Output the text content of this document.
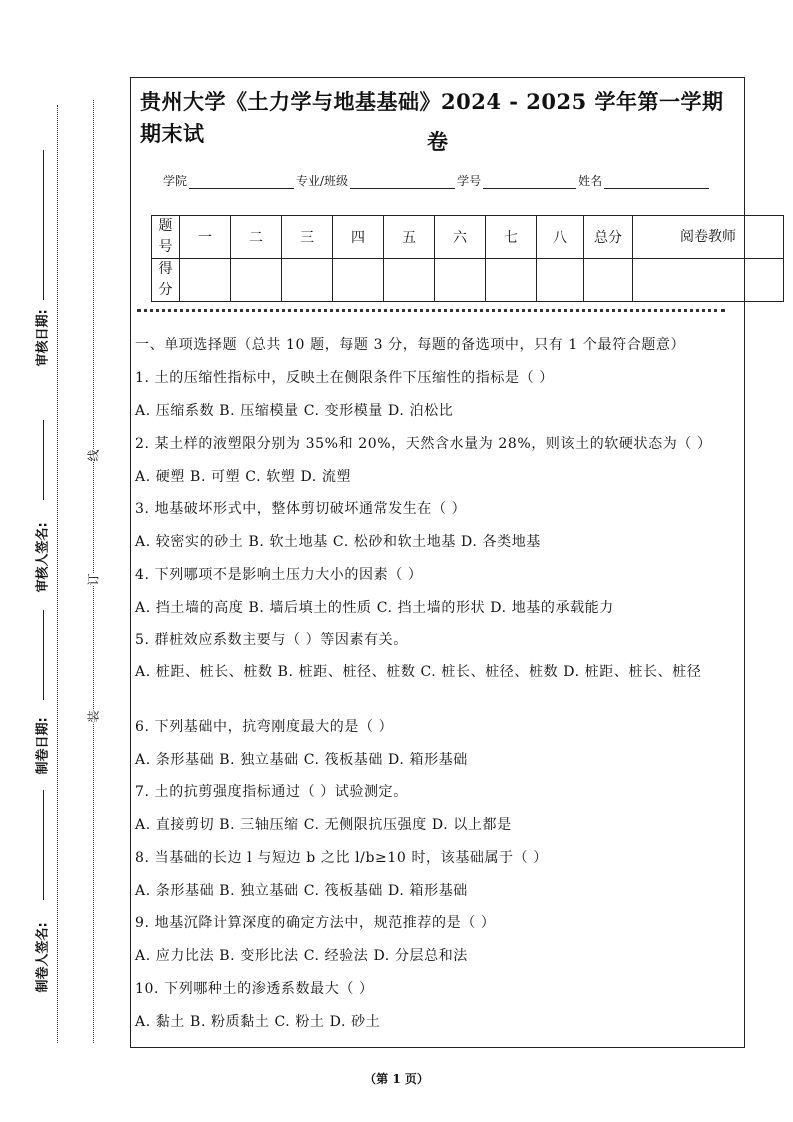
审核日期:
审核人签名:
制卷日期:
制卷人签名:
线
订
装
贵州大学《土力学与地基基础》2024 - 2025 学年第一学期期末试	卷
学院	专业/班级	学号	姓名
题号	一	二	三	四	五	六	七	八	总分	阅卷教师
得分										
一、单项选择题（总共 10 题，每题 3 分，每题的备选项中，只有 1 个最符合题意）
1. 土的压缩性指标中，反映土在侧限条件下压缩性的指标是（ ）
A. 压缩系数 B. 压缩模量 C. 变形模量 D. 泊松比
2. 某土样的液塑限分别为 35%和 20%，天然含水量为 28%，则该土的软硬状态为（ ）
A. 硬塑 B. 可塑 C. 软塑 D. 流塑
3. 地基破坏形式中，整体剪切破坏通常发生在（ ）
A. 较密实的砂土 B. 软土地基 C. 松砂和软土地基 D. 各类地基
4. 下列哪项不是影响土压力大小的因素（ ）
A. 挡土墙的高度 B. 墙后填土的性质 C. 挡土墙的形状 D. 地基的承载能力
5. 群桩效应系数主要与（ ）等因素有关。
A. 桩距、桩长、桩数 B. 桩距、桩径、桩数 C. 桩长、桩径、桩数 D. 桩距、桩长、桩径
6. 下列基础中，抗弯刚度最大的是（ ）
A. 条形基础 B. 独立基础 C. 筏板基础 D. 箱形基础
7. 土的抗剪强度指标通过（ ）试验测定。
A. 直接剪切 B. 三轴压缩 C. 无侧限抗压强度 D. 以上都是
8. 当基础的长边 l 与短边 b 之比 l/b≥10 时，该基础属于（ ）
A. 条形基础 B. 独立基础 C. 筏板基础 D. 箱形基础
9. 地基沉降计算深度的确定方法中，规范推荐的是（ ）
A. 应力比法 B. 变形比法 C. 经验法 D. 分层总和法
10. 下列哪种土的渗透系数最大（ ）
A. 黏土 B. 粉质黏土 C. 粉土 D. 砂土
（第 1 页）
